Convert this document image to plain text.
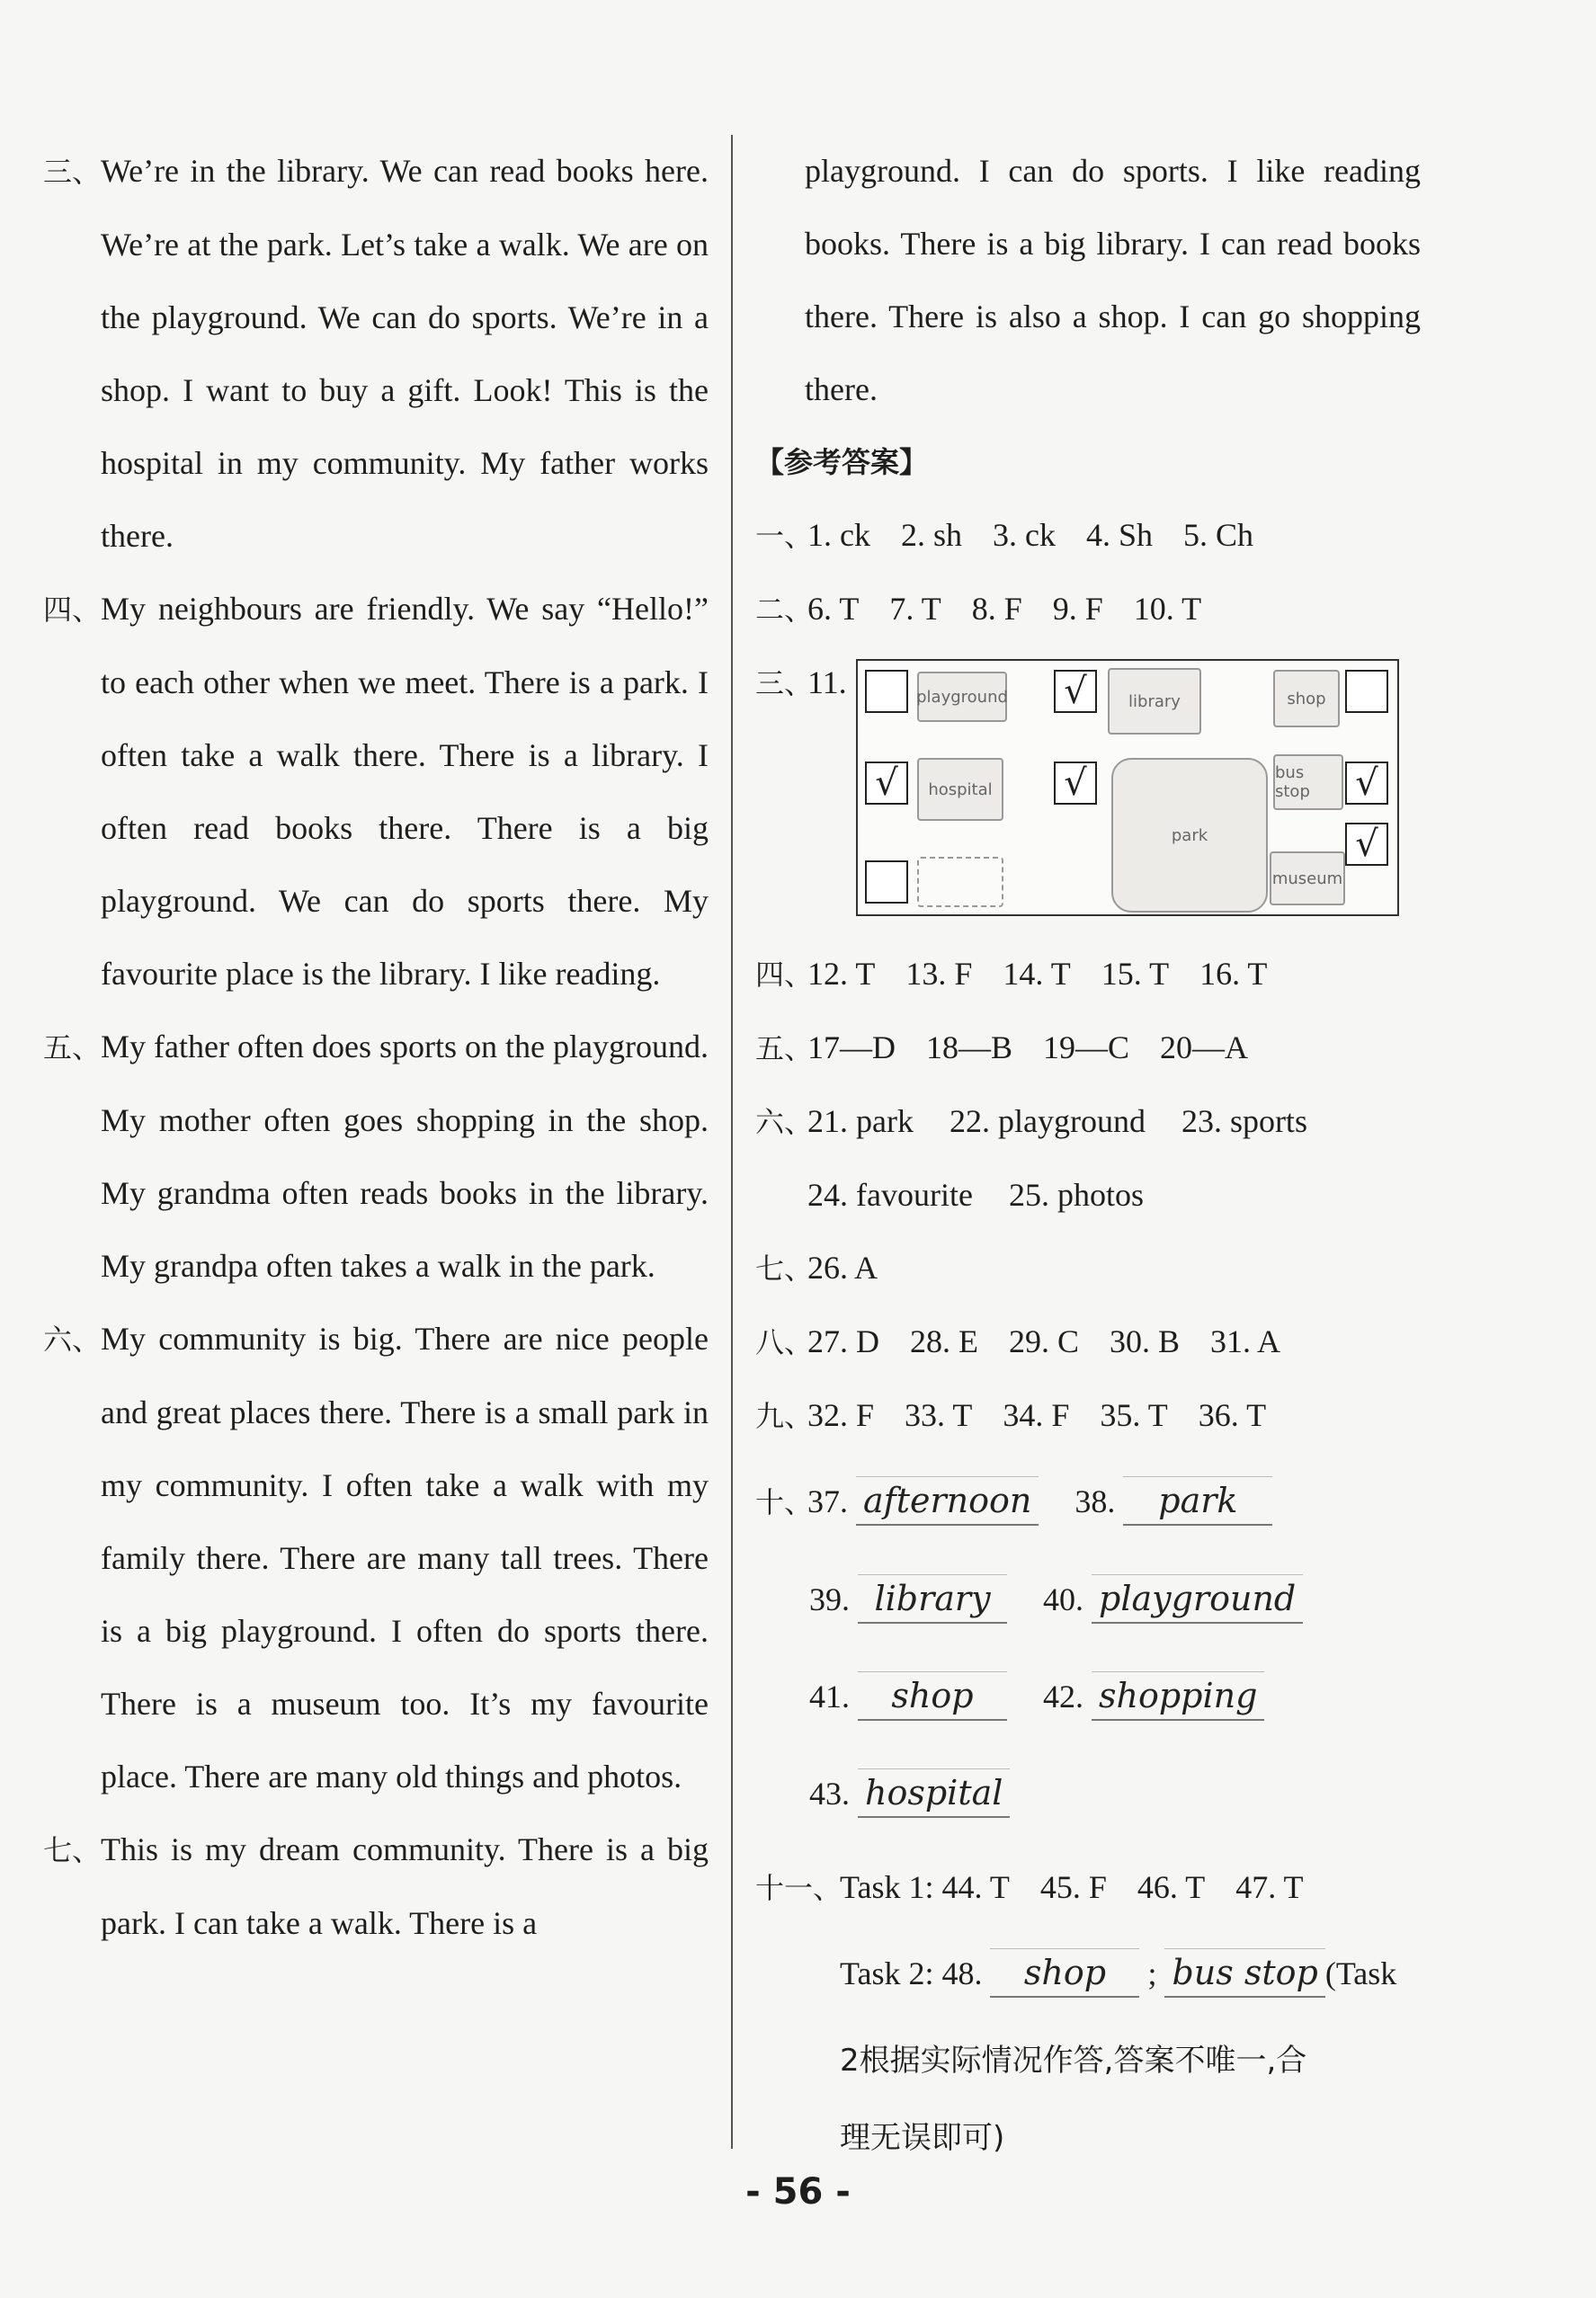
三、We’re in the library. We can read books here. We’re at the park. Let’s take a walk. We are on the playground. We can do sports. We’re in a shop. I want to buy a gift. Look! This is the hospital in my community. My father works there.
四、My neighbours are friendly. We say “Hello!” to each other when we meet. There is a park. I often take a walk there. There is a library. I often read books there. There is a big playground. We can do sports there. My favourite place is the library. I like reading.
五、My father often does sports on the playground. My mother often goes shopping in the shop. My grandma often reads books in the library. My grandpa often takes a walk in the park.
六、My community is big. There are nice people and great places there. There is a small park in my community. I often take a walk with my family there. There are many tall trees. There is a big playground. I often do sports there. There is a museum too. It’s my favourite place. There are many old things and photos.
七、This is my dream community. There is a big park. I can take a walk. There is a
playground. I can do sports. I like reading books. There is a big library. I can read books there. There is also a shop. I can go shopping there.
【参考答案】
一、1. ck 2. sh 3. ck 4. Sh 5. Ch
二、6. T 7. T 8. F 9. F 10. T
三、11.
四、12. T 13. F 14. T 15. T 16. T
五、17—D 18—B 19—C 20—A
六、21. park 22. playground 23. sports
24. favourite 25. photos
七、26. A
八、27. D 28. E 29. C 30. B 31. A
九、32. F 33. T 34. F 35. T 36. T
十、37. afternoon 38. park
39. library 40. playground
41. shop 42. shopping
43. hospital
十一、Task 1: 44. T 45. F 46. T 47. T
Task 2: 48. shop ; bus stop (Task
2根据实际情况作答,答案不唯一,合
理无误即可)
playground √	library	shop
√	hospital √
park
bus stop	√
√
museum
- 56 -
